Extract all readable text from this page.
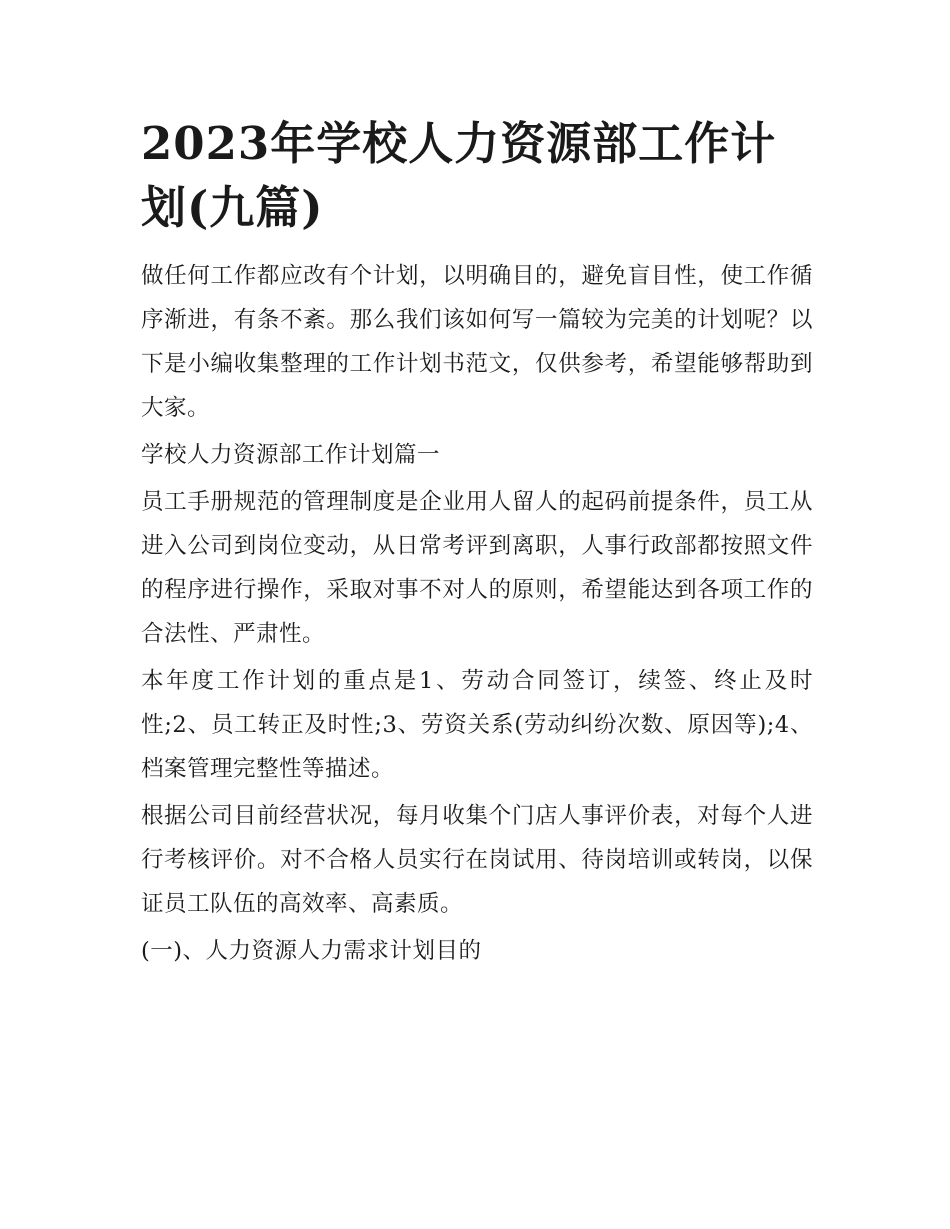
2023年学校人力资源部工作计划(九篇)

做任何工作都应改有个计划，以明确目的，避免盲目性，使工作循序渐进，有条不紊。那么我们该如何写一篇较为完美的计划呢？以下是小编收集整理的工作计划书范文，仅供参考，希望能够帮助到大家。

学校人力资源部工作计划篇一

员工手册规范的管理制度是企业用人留人的起码前提条件，员工从进入公司到岗位变动，从日常考评到离职，人事行政部都按照文件的程序进行操作，采取对事不对人的原则，希望能达到各项工作的合法性、严肃性。

本年度工作计划的重点是1、劳动合同签订，续签、终止及时性;2、员工转正及时性;3、劳资关系(劳动纠纷次数、原因等);4、档案管理完整性等描述。

根据公司目前经营状况，每月收集个门店人事评价表，对每个人进行考核评价。对不合格人员实行在岗试用、待岗培训或转岗，以保证员工队伍的高效率、高素质。

(一)、人力资源人力需求计划目的
